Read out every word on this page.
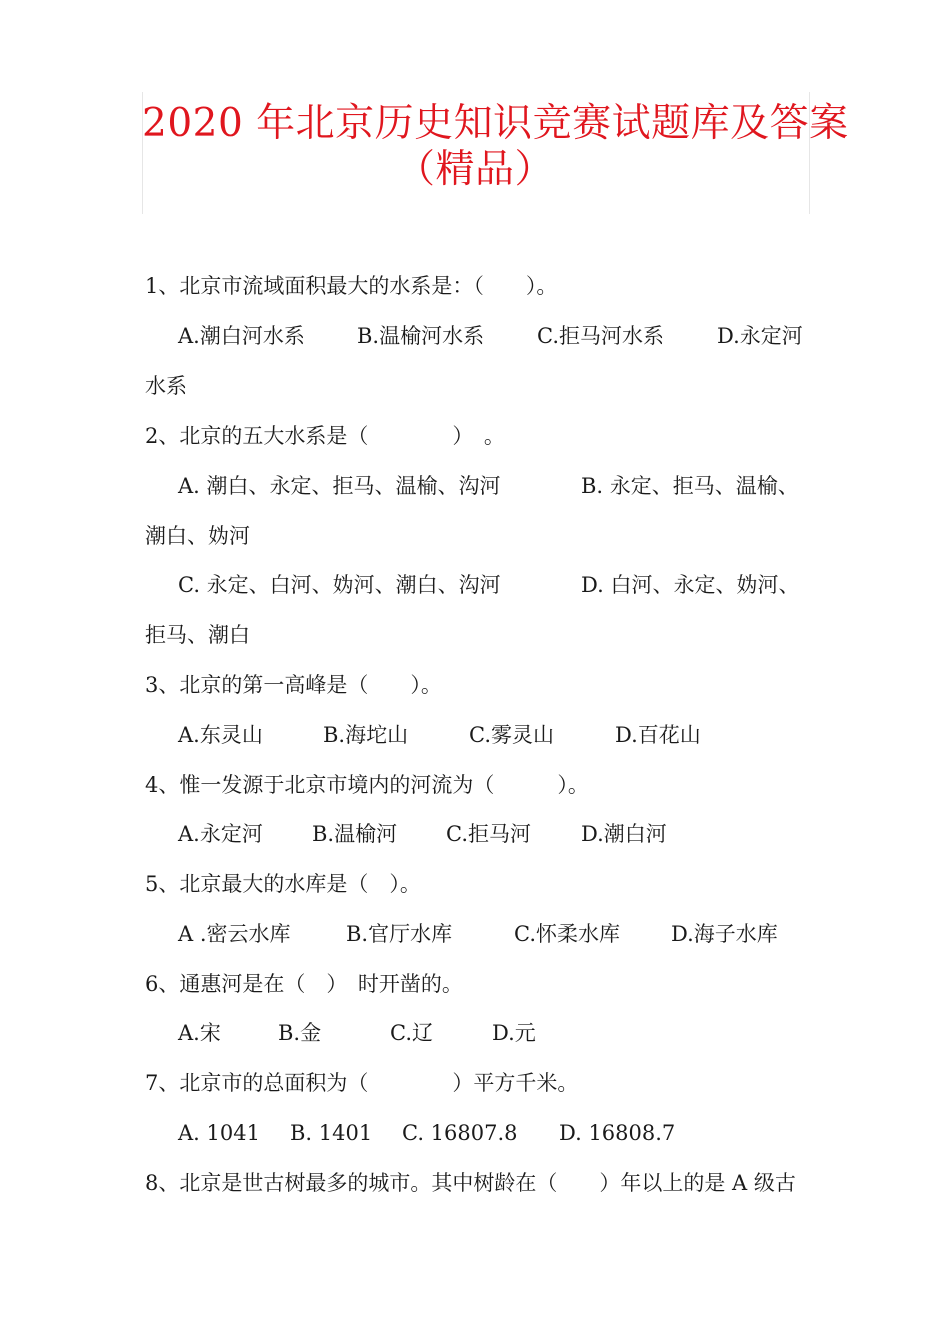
2020 年北京历史知识竞赛试题库及答案
（精品）
1、北京市流域面积最大的水系是：（　　）。
A.潮白河水系 B.温榆河水系	C.拒马河水系	D.永定河
水系
2、北京的五大水系是（　　　　）　。
A. 潮白、永定、拒马、温榆、沟河	B. 永定、拒马、温榆、
潮白、妫河
C. 永定、白河、妫河、潮白、沟河	D. 白河、永定、妫河、
拒马、潮白
3、北京的第一高峰是（　　）。
A.东灵山	B.海坨山	C.雾灵山	D.百花山
4、惟一发源于北京市境内的河流为（　　　）。
A.永定河 B.温榆河 C.拒马河 D.潮白河
5、北京最大的水库是（　）。
A .密云水库	B.官厅水库	C.怀柔水库 D.海子水库
6、通惠河是在（　）　时开凿的。
A.宋	B.金	C.辽	D.元
7、北京市的总面积为（　　　　）平方千米。
A. 1041 B. 1401 C. 16807.8 D. 16808.7
8、北京是世古树最多的城市。其中树龄在（　　）年以上的是 A 级古
